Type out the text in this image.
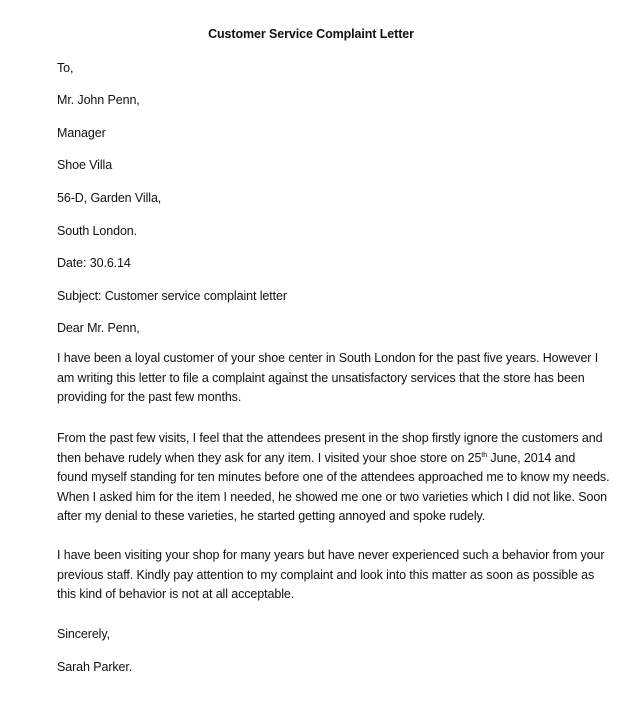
Customer Service Complaint Letter
To,
Mr. John Penn,
Manager
Shoe Villa
56-D, Garden Villa,
South London.
Date: 30.6.14
Subject: Customer service complaint letter
Dear Mr. Penn,
I have been a loyal customer of your shoe center in South London for the past five years. However I
am writing this letter to file a complaint against the unsatisfactory services that the store has been
providing for the past few months.
From the past few visits, I feel that the attendees present in the shop firstly ignore the customers and
then behave rudely when they ask for any item. I visited your shoe store on 25th June, 2014 and
found myself standing for ten minutes before one of the attendees approached me to know my needs.
When I asked him for the item I needed, he showed me one or two varieties which I did not like. Soon
after my denial to these varieties, he started getting annoyed and spoke rudely.
I have been visiting your shop for many years but have never experienced such a behavior from your
previous staff. Kindly pay attention to my complaint and look into this matter as soon as possible as
this kind of behavior is not at all acceptable.
Sincerely,
Sarah Parker.
